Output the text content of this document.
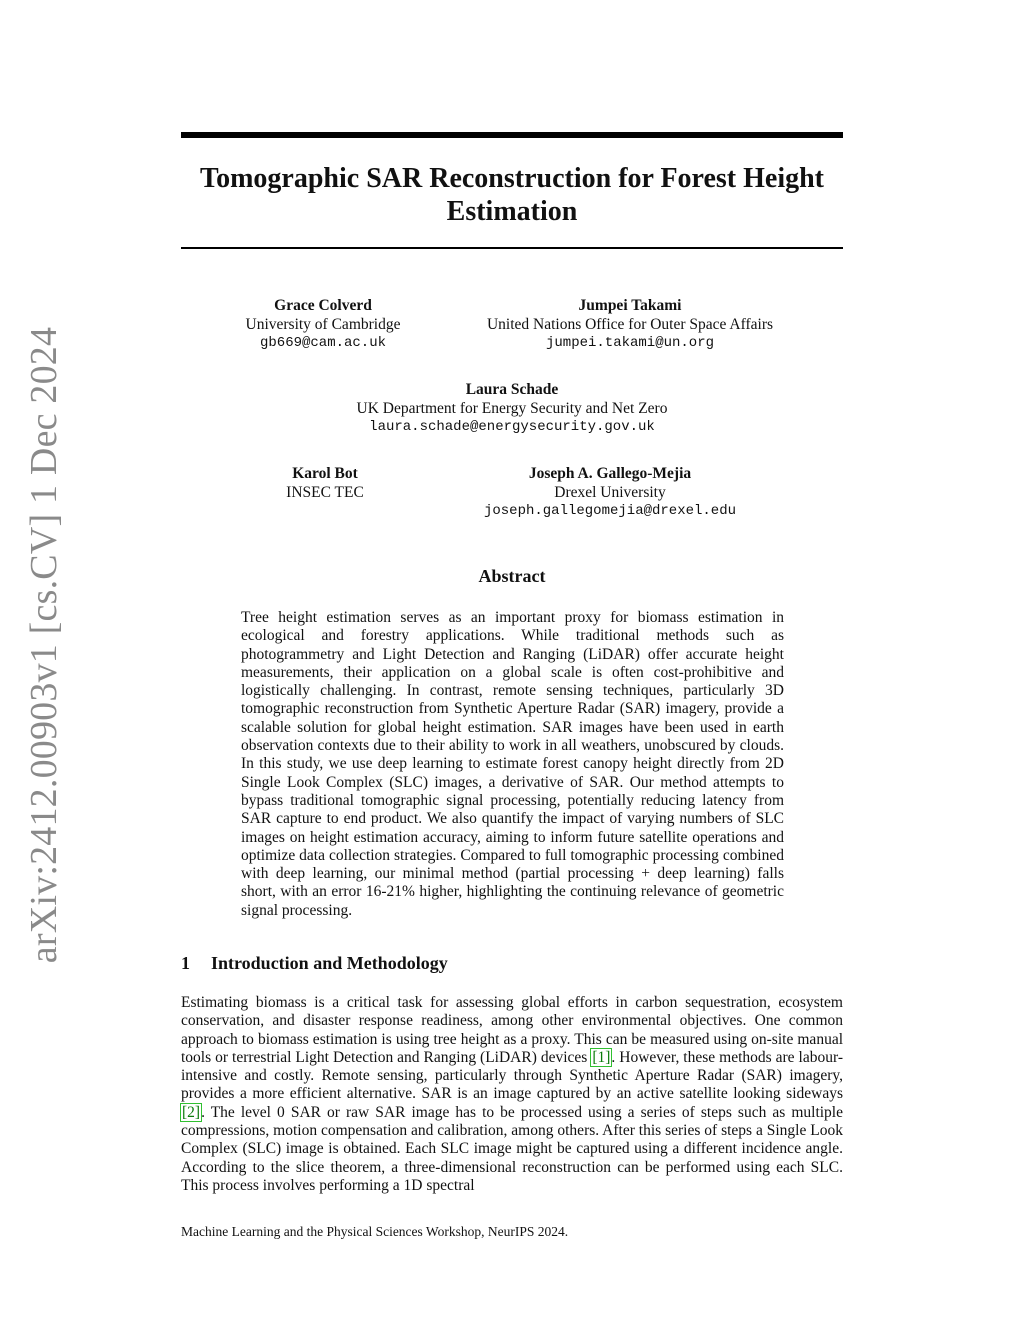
arXiv:2412.00903v1 [cs.CV] 1 Dec 2024
Tomographic SAR Reconstruction for Forest Height Estimation
Grace Colverd
University of Cambridge
gb669@cam.ac.uk
Jumpei Takami
United Nations Office for Outer Space Affairs
jumpei.takami@un.org
Laura Schade
UK Department for Energy Security and Net Zero
laura.schade@energysecurity.gov.uk
Karol Bot
INSEC TEC
Joseph A. Gallego-Mejia
Drexel University
joseph.gallegomejia@drexel.edu
Abstract

Tree height estimation serves as an important proxy for biomass estimation in ecological and forestry applications. While traditional methods such as photogrammetry and Light Detection and Ranging (LiDAR) offer accurate height measurements, their application on a global scale is often cost-prohibitive and logistically challenging. In contrast, remote sensing techniques, particularly 3D tomographic reconstruction from Synthetic Aperture Radar (SAR) imagery, provide a scalable solution for global height estimation. SAR images have been used in earth observation contexts due to their ability to work in all weathers, unobscured by clouds. In this study, we use deep learning to estimate forest canopy height directly from 2D Single Look Complex (SLC) images, a derivative of SAR. Our method attempts to bypass traditional tomographic signal processing, potentially reducing latency from SAR capture to end product. We also quantify the impact of varying numbers of SLC images on height estimation accuracy, aiming to inform future satellite operations and optimize data collection strategies. Compared to full tomographic processing combined with deep learning, our minimal method (partial processing + deep learning) falls short, with an error 16-21% higher, highlighting the continuing relevance of geometric signal processing.

1 Introduction and Methodology

Estimating biomass is a critical task for assessing global efforts in carbon sequestration, ecosystem conservation, and disaster response readiness, among other environmental objectives. One common approach to biomass estimation is using tree height as a proxy. This can be measured using on-site manual tools or terrestrial Light Detection and Ranging (LiDAR) devices [1]. However, these methods are labour-intensive and costly. Remote sensing, particularly through Synthetic Aperture Radar (SAR) imagery, provides a more efficient alternative. SAR is an image captured by an active satellite looking sideways [2]. The level 0 SAR or raw SAR image has to be processed using a series of steps such as multiple compressions, motion compensation and calibration, among others. After this series of steps a Single Look Complex (SLC) image is obtained. Each SLC image might be captured using a different incidence angle. According to the slice theorem, a three-dimensional reconstruction can be performed using each SLC. This process involves performing a 1D spectral

Machine Learning and the Physical Sciences Workshop, NeurIPS 2024.
